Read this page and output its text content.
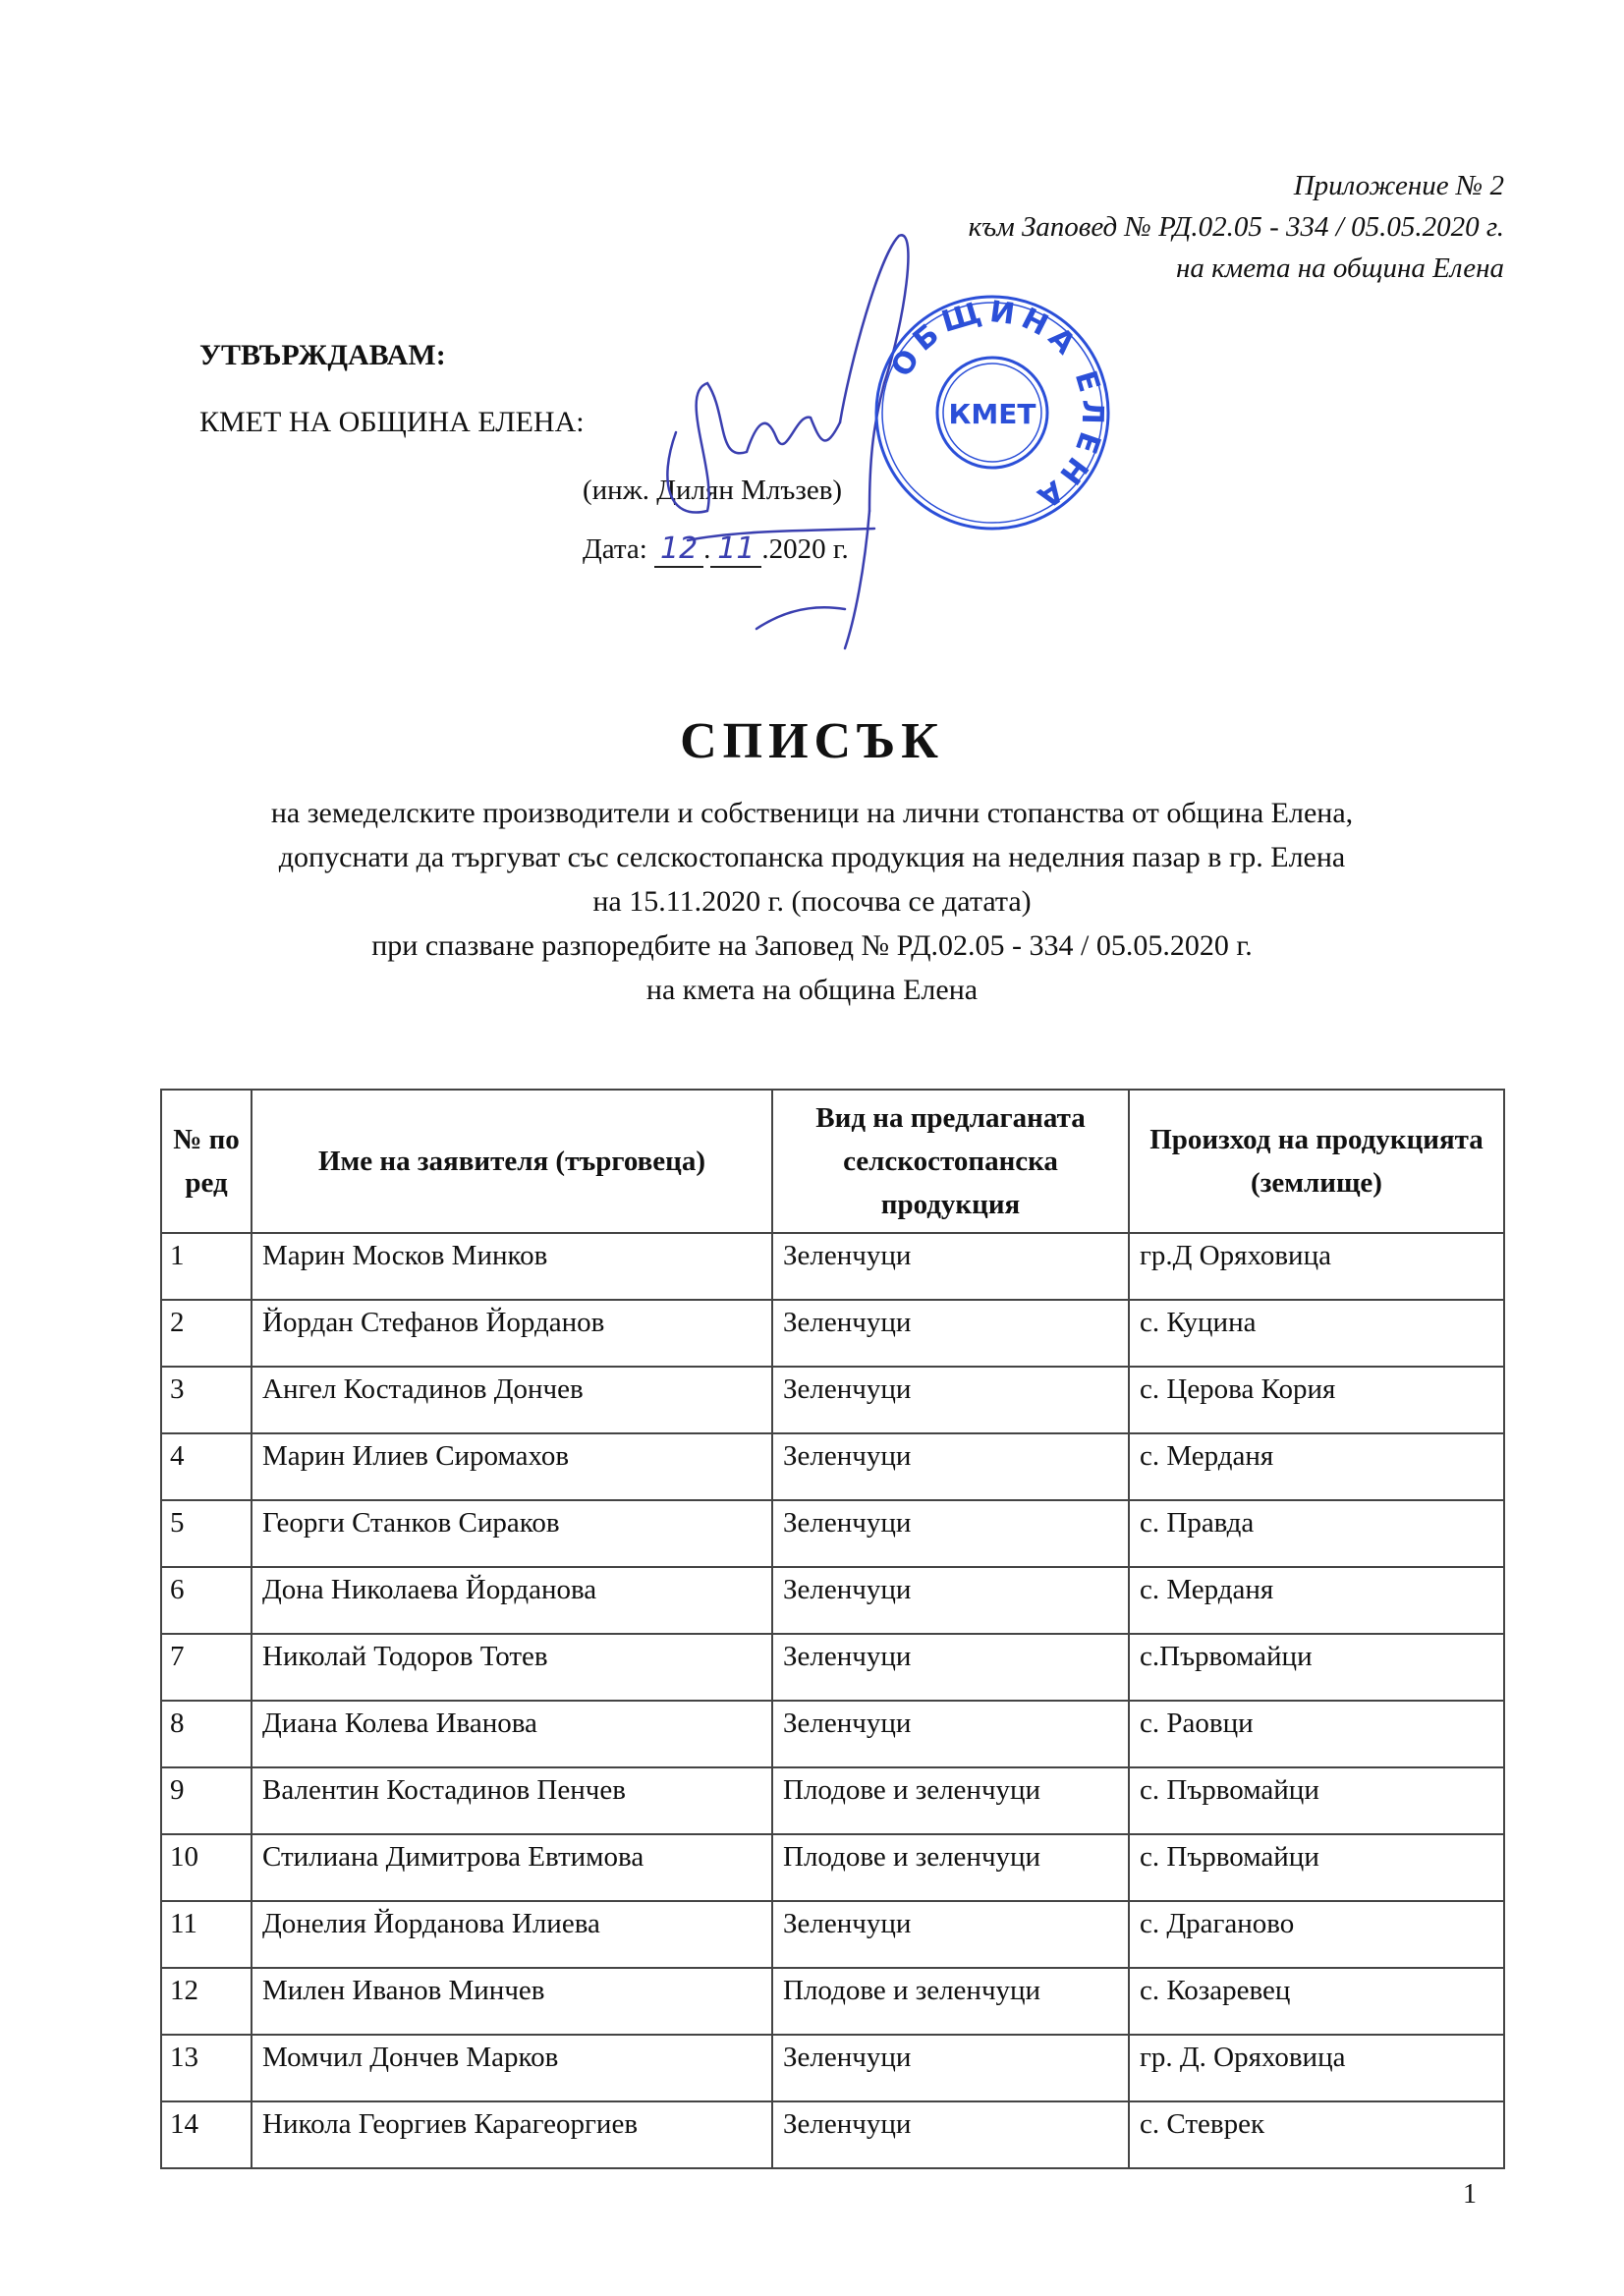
Приложение № 2
към Заповед № РД.02.05 - 334 / 05.05.2020 г.
на кмета на община Елена
УТВЪРЖДАВАМ:
КМЕТ НА ОБЩИНА ЕЛЕНА:
(инж. Дилян Млъзев)
Дата: 12 . 11 .2020 г.
ОБЩИНА ЕЛЕНА
КМЕТ
СПИСЪК
на земеделските производители и собственици на лични стопанства от община Елена,
допуснати да търгуват със селскостопанска продукция на неделния пазар в гр. Елена
на 15.11.2020 г. (посочва се датата)
при спазване разпоредбите на Заповед № РД.02.05 - 334 / 05.05.2020 г.
на кмета на община Елена
№ по ред	Име на заявителя (търговеца)	Вид на предлаганата селскостопанска продукция	Произход на продукцията (землище)
1	Марин Москов Минков	Зеленчуци	гр.Д Оряховица
2	Йордан Стефанов Йорданов	Зеленчуци	с. Куцина
3	Ангел Костадинов Дончев	Зеленчуци	с. Церова Кория
4	Марин Илиев Сиромахов	Зеленчуци	с. Мерданя
5	Георги Станков Сираков	Зеленчуци	с. Правда
6	Дона Николаева Йорданова	Зеленчуци	с. Мерданя
7	Николай Тодоров Тотев	Зеленчуци	с.Първомайци
8	Диана Колева Иванова	Зеленчуци	с. Раовци
9	Валентин Костадинов Пенчев	Плодове и зеленчуци	с. Първомайци
10	Стилиана Димитрова Евтимова	Плодове и зеленчуци	с. Първомайци
11	Донелия Йорданова Илиева	Зеленчуци	с. Драганово
12	Милен Иванов Минчев	Плодове и зеленчуци	с. Козаревец
13	Момчил Дончев Марков	Зеленчуци	гр. Д. Оряховица
14	Никола Георгиев Карагеоргиев	Зеленчуци	с. Стеврек
1
